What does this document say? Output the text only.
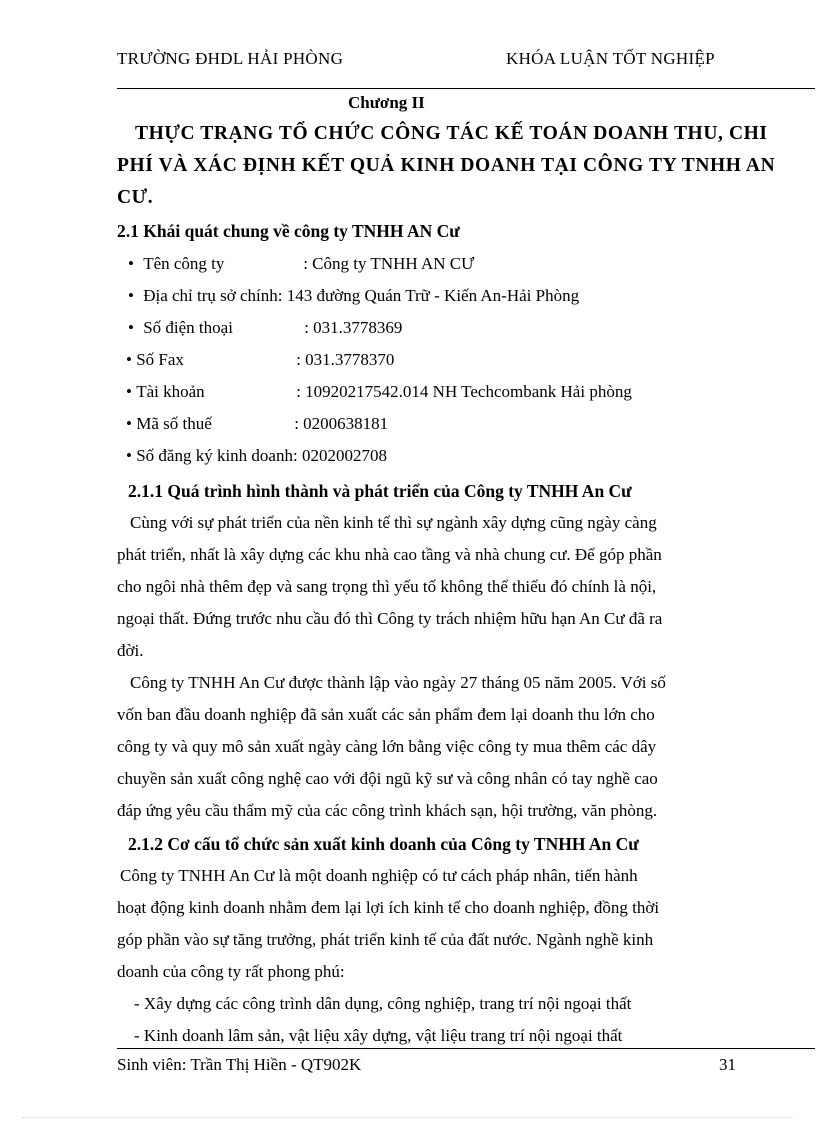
TRƯỜNG ĐHDL HẢI PHÒNG	KHÓA LUẬN TỐT NGHIỆP
Chương II
THỰC TRẠNG TỔ CHỨC CÔNG TÁC KẾ TOÁN DOANH THU, CHI
PHÍ VÀ XÁC ĐỊNH KẾT QUẢ KINH DOANH TẠI CÔNG TY TNHH AN
CƯ.
2.1 Khái quát chung về công ty TNHH AN Cư
• Tên công ty	: Công ty TNHH AN CƯ
• Địa chỉ trụ sở chính: 143 đường Quán Trữ - Kiến An-Hải Phòng
• Số điện thoại	: 031.3778369
• Số Fax	: 031.3778370
• Tài khoản	: 10920217542.014 NH Techcombank Hải phòng
• Mã số thuế	: 0200638181
• Số đăng ký kinh doanh: 0202002708
2.1.1 Quá trình hình thành và phát triển của Công ty TNHH An Cư
Cùng với sự phát triển của nền kinh tế thì sự ngành xây dựng cũng ngày càng
phát triển, nhất là xây dựng các khu nhà cao tầng và nhà chung cư. Để góp phần
cho ngôi nhà thêm đẹp và sang trọng thì yếu tố không thể thiếu đó chính là nội,
ngoại thất. Đứng trước nhu cầu đó thì Công ty trách nhiệm hữu hạn An Cư đã ra
đời.
Công ty TNHH An Cư được thành lập vào ngày 27 tháng 05 năm 2005. Với số
vốn ban đầu doanh nghiệp đã sản xuất các sản phẩm đem lại doanh thu lớn cho
công ty và quy mô sản xuất ngày càng lớn bằng việc công ty mua thêm các dây
chuyền sản xuất công nghệ cao với đội ngũ kỹ sư và công nhân có tay nghề cao
đáp ứng yêu cầu thẩm mỹ của các công trình khách sạn, hội trường, văn phòng.
2.1.2 Cơ cấu tổ chức sản xuất kinh doanh của Công ty TNHH An Cư
Công ty TNHH An Cư là một doanh nghiệp có tư cách pháp nhân, tiến hành
hoạt động kinh doanh nhằm đem lại lợi ích kinh tế cho doanh nghiệp, đồng thời
góp phần vào sự tăng trưởng, phát triển kinh tế của đất nước. Ngành nghề kinh
doanh của công ty rất phong phú:
- Xây dựng các công trình dân dụng, công nghiệp, trang trí nội ngoại thất
- Kinh doanh lâm sản, vật liệu xây dựng, vật liệu trang trí nội ngoại thất
Sinh viên: Trần Thị Hiền - QT902K	31
